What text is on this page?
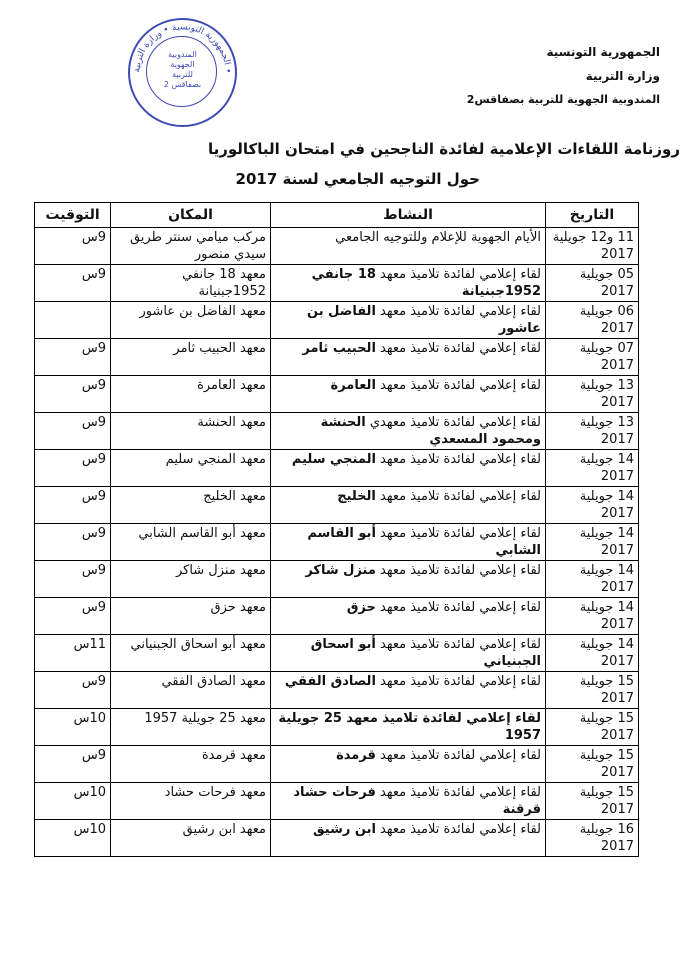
الجمهورية التونسية
وزارة التربية
المندوبية الجهوية للتربية بصفاقس2
الجمهورية التونسية • وزارة التربية •
المندوبية
الجهوية
للتربية
بصفاقس 2
روزنامة اللقاءات الإعلامية لفائدة الناجحين في امتحان الباكالوريا
حول التوجيه الجامعي لسنة 2017
التاريخ	النشاط	المكان	التوقيت
11 و12 جويلية 2017	الأيام الجهوية للإعلام وللتوجيه الجامعي	مركب ميامي سنتر طريق سيدي منصور	9س
05 جويلية 2017	لقاء إعلامي لفائدة تلاميذ معهد 18 جانفي 1952جبنيانة	معهد 18 جانفي 1952جبنيانة	9س
06 جويلية 2017	لقاء إعلامي لفائدة تلاميذ معهد الفاضل بن عاشور	معهد الفاضل بن عاشور	
07 جويلية 2017	لقاء إعلامي لفائدة تلاميذ معهد الحبيب ثامر	معهد الحبيب ثامر	9س
13 جويلية 2017	لقاء إعلامي لفائدة تلاميذ معهد العامرة	معهد العامرة	9س
13 جويلية 2017	لقاء إعلامي لفائدة تلاميذ معهدي الحنشة ومحمود المسعدي	معهد الحنشة	9س
14 جويلية 2017	لقاء إعلامي لفائدة تلاميذ معهد المنجي سليم	معهد المنجي سليم	9س
14 جويلية 2017	لقاء إعلامي لفائدة تلاميذ معهد الخليج	معهد الخليج	9س
14 جويلية 2017	لقاء إعلامي لفائدة تلاميذ معهد أبو القاسم الشابي	معهد أبو القاسم الشابي	9س
14 جويلية 2017	لقاء إعلامي لفائدة تلاميذ معهد منزل شاكر	معهد منزل شاكر	9س
14 جويلية 2017	لقاء إعلامي لفائدة تلاميذ معهد حزق	معهد حزق	9س
14 جويلية 2017	لقاء إعلامي لفائدة تلاميذ معهد أبو اسحاق الجبنياني	معهد أبو اسحاق الجبنياني	11س
15 جويلية 2017	لقاء إعلامي لفائدة تلاميذ معهد الصادق الفقي	معهد الصادق الفقي	9س
15 جويلية 2017	لقاء إعلامي لفائدة تلاميذ معهد 25 جويلية 1957	معهد 25 جويلية 1957	10س
15 جويلية 2017	لقاء إعلامي لفائدة تلاميذ معهد قرمدة	معهد قرمدة	9س
15 جويلية 2017	لقاء إعلامي لفائدة تلاميذ معهد فرحات حشاد قرقنة	معهد فرحات حشاد	10س
16 جويلية 2017	لقاء إعلامي لفائدة تلاميذ معهد ابن رشيق	معهد ابن رشيق	10س
